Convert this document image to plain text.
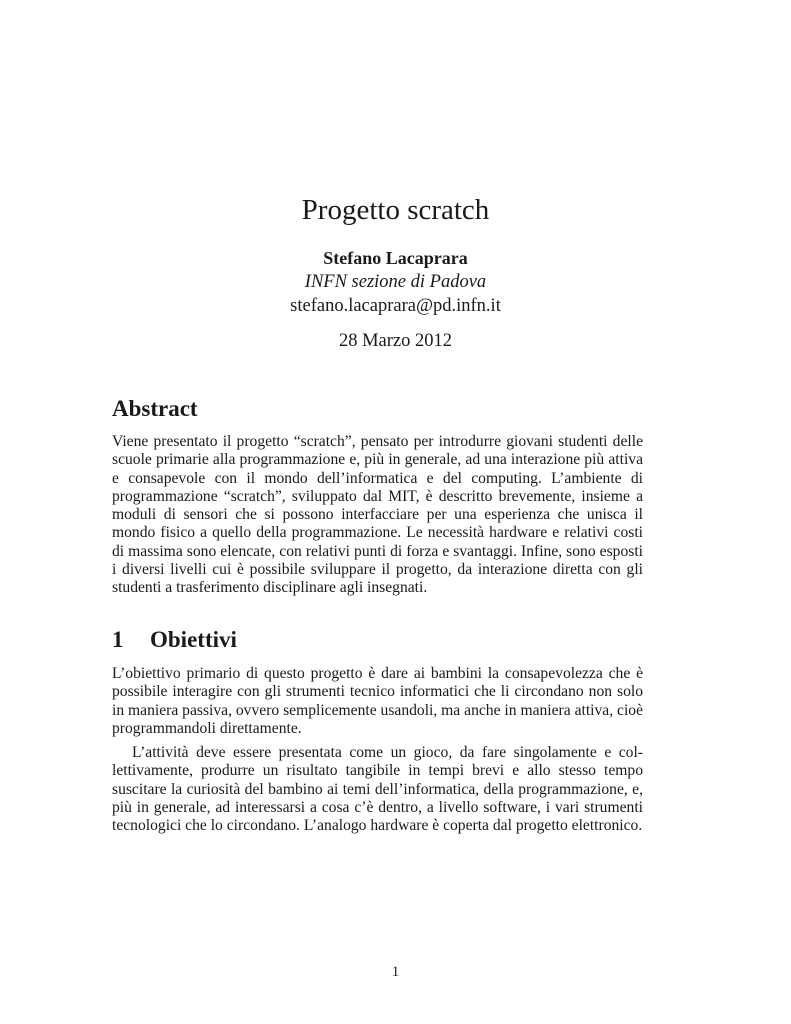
Progetto scratch

Stefano Lacaprara

INFN sezione di Padova

stefano.lacaprara@pd.infn.it

28 Marzo 2012

Abstract

Viene presentato il progetto “scratch”, pensato per introdurre giovani studenti delle scuole primarie alla programmazione e, più in generale, ad una interazione più attiva e consapevole con il mondo dell’informatica e del computing. L’ambiente di programmazione “scratch”, sviluppato dal MIT, è descritto brevemente, insieme a moduli di sensori che si possono interfacciare per una esperienza che unisca il mondo fisico a quello della programmazione. Le necessità hardware e relativi costi di massima sono elencate, con relativi punti di forza e svantaggi. Infine, sono esposti i diversi livelli cui è possibile sviluppare il progetto, da interazione diretta con gli studenti a trasferimento disciplinare agli insegnati.

1 Obiettivi

L’obiettivo primario di questo progetto è dare ai bambini la consapevolezza che è possibile interagire con gli strumenti tecnico informatici che li circondano non solo in maniera passiva, ovvero semplicemente usandoli, ma anche in maniera attiva, cioè programmandoli direttamente.

L’attività deve essere presentata come un gioco, da fare singolamente e collettivamente, produrre un risultato tangibile in tempi brevi e allo stesso tempo suscitare la curiosità del bambino ai temi dell’informatica, della programmazione, e, più in generale, ad interessarsi a cosa c’è dentro, a livello software, i vari strumenti tecnologici che lo circondano. L’analogo hardware è coperta dal progetto elettronico.

1
